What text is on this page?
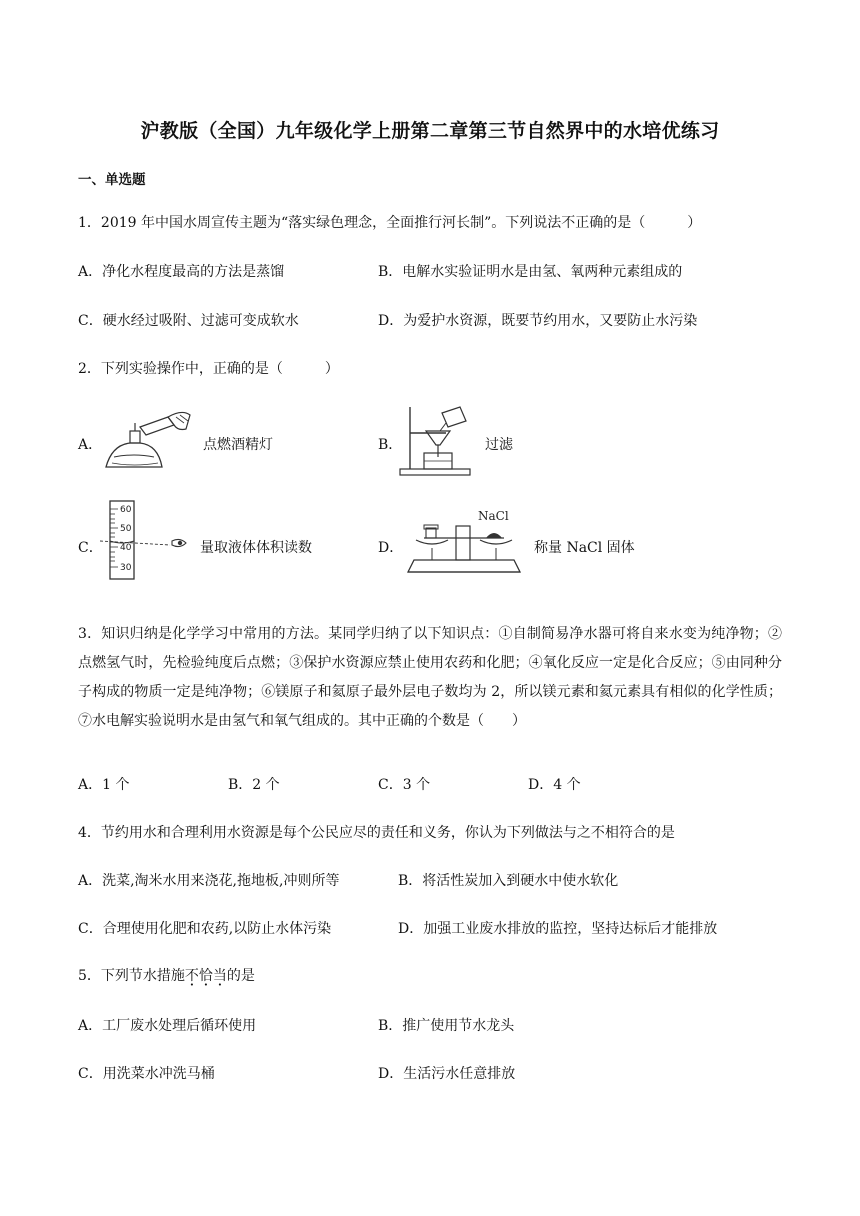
沪教版（全国）九年级化学上册第二章第三节自然界中的水培优练习
一、单选题
1．2019 年中国水周宣传主题为“落实绿色理念，全面推行河长制”。下列说法不正确的是（　　　）
A．净化水程度最高的方法是蒸馏	B．电解水实验证明水是由氢、氧两种元素组成的
C．硬水经过吸附、过滤可变成软水	D．为爱护水资源，既要节约用水，又要防止水污染
2．下列实验操作中，正确的是（　　　）
A．	点燃酒精灯	B．	过滤
C．
60
50
40
30
量取液体体积读数	D．
NaCl
称量 NaCl 固体
3．知识归纳是化学学习中常用的方法。某同学归纳了以下知识点：①自制简易净水器可将自来水变为纯净物；②点燃氢气时，先检验纯度后点燃；③保护水资源应禁止使用农药和化肥；④氧化反应一定是化合反应；⑤由同种分子构成的物质一定是纯净物；⑥镁原子和氦原子最外层电子数均为 2，所以镁元素和氦元素具有相似的化学性质；⑦水电解实验说明水是由氢气和氧气组成的。其中正确的个数是（　　）
A．1 个	B．2 个	C．3 个	D．4 个
4．节约用水和合理利用水资源是每个公民应尽的责任和义务，你认为下列做法与之不相符合的是
A．洗菜,淘米水用来浇花,拖地板,冲则所等	B．将活性炭加入到硬水中使水软化
C．合理使用化肥和农药,以防止水体污染	D．加强工业废水排放的监控，坚持达标后才能排放
5．下列节水措施不恰当的是
A．工厂废水处理后循环使用	B．推广使用节水龙头
C．用洗菜水冲洗马桶	D．生活污水任意排放
